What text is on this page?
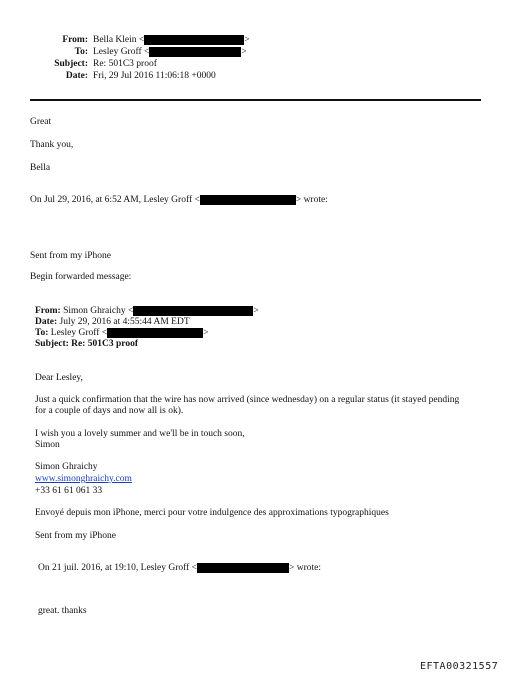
From: Bella Klein <	>
To: Lesley Groff <	>
Subject: Re: 501C3 proof
Date: Fri, 29 Jul 2016 11:06:18 +0000
Great
Thank you,
Bella
On Jul 29, 2016, at 6:52 AM, Lesley Groff <	> wrote:
Sent from my iPhone
Begin forwarded message:
From: Simon Ghraichy <	>
Date: July 29, 2016 at 4:55:44 AM EDT
To: Lesley Groff <	>
Subject: Re: 501C3 proof
Dear Lesley,
Just a quick confirmation that the wire has now arrived (since wednesday) on a regular status (it stayed pending for a couple of days and now all is ok).
I wish you a lovely summer and we'll be in touch soon,
Simon
Simon Ghraichy
www.simonghraichy.com
+33 61 61 061 33
Envoyé depuis mon iPhone, merci pour votre indulgence des approximations typographiques
Sent from my iPhone
On 21 juil. 2016, at 19:10, Lesley Groff <	> wrote:
great. thanks
EFTA00321557
